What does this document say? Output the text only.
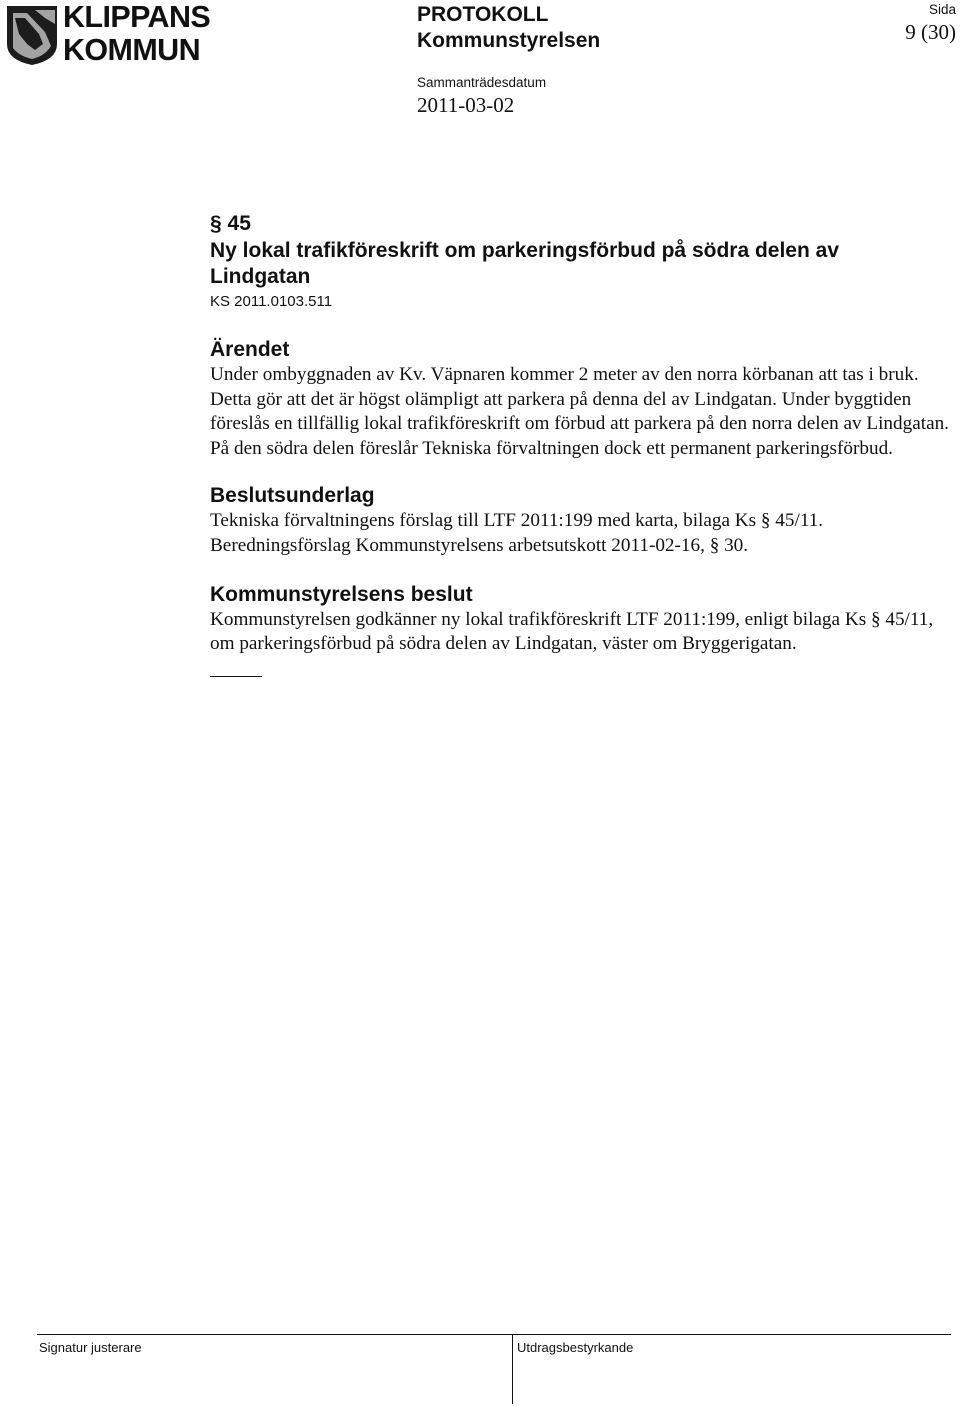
KLIPPANS
KOMMUN
PROTOKOLL
Kommunstyrelsen
Sammanträdesdatum
2011-03-02
Sida
9 (30)
§ 45
Ny lokal trafikföreskrift om parkeringsförbud på södra delen av Lindgatan
KS 2011.0103.511
Ärendet
Under ombyggnaden av Kv. Väpnaren kommer 2 meter av den norra körbanan att tas i bruk. Detta gör att det är högst olämpligt att parkera på denna del av Lindgatan. Under byggtiden föreslås en tillfällig lokal trafikföreskrift om förbud att parkera på den norra delen av Lindgatan. På den södra delen föreslår Tekniska förvaltningen dock ett permanent parkeringsförbud.
Beslutsunderlag

Tekniska förvaltningens förslag till LTF 2011:199 med karta, bilaga Ks § 45/11.

Beredningsförslag Kommunstyrelsens arbetsutskott 2011-02-16, § 30.

Kommunstyrelsens beslut
Kommunstyrelsen godkänner ny lokal trafikföreskrift LTF 2011:199, enligt bilaga Ks § 45/11, om parkeringsförbud på södra delen av Lindgatan, väster om Bryggerigatan.
Signatur justerare	Utdragsbestyrkande
